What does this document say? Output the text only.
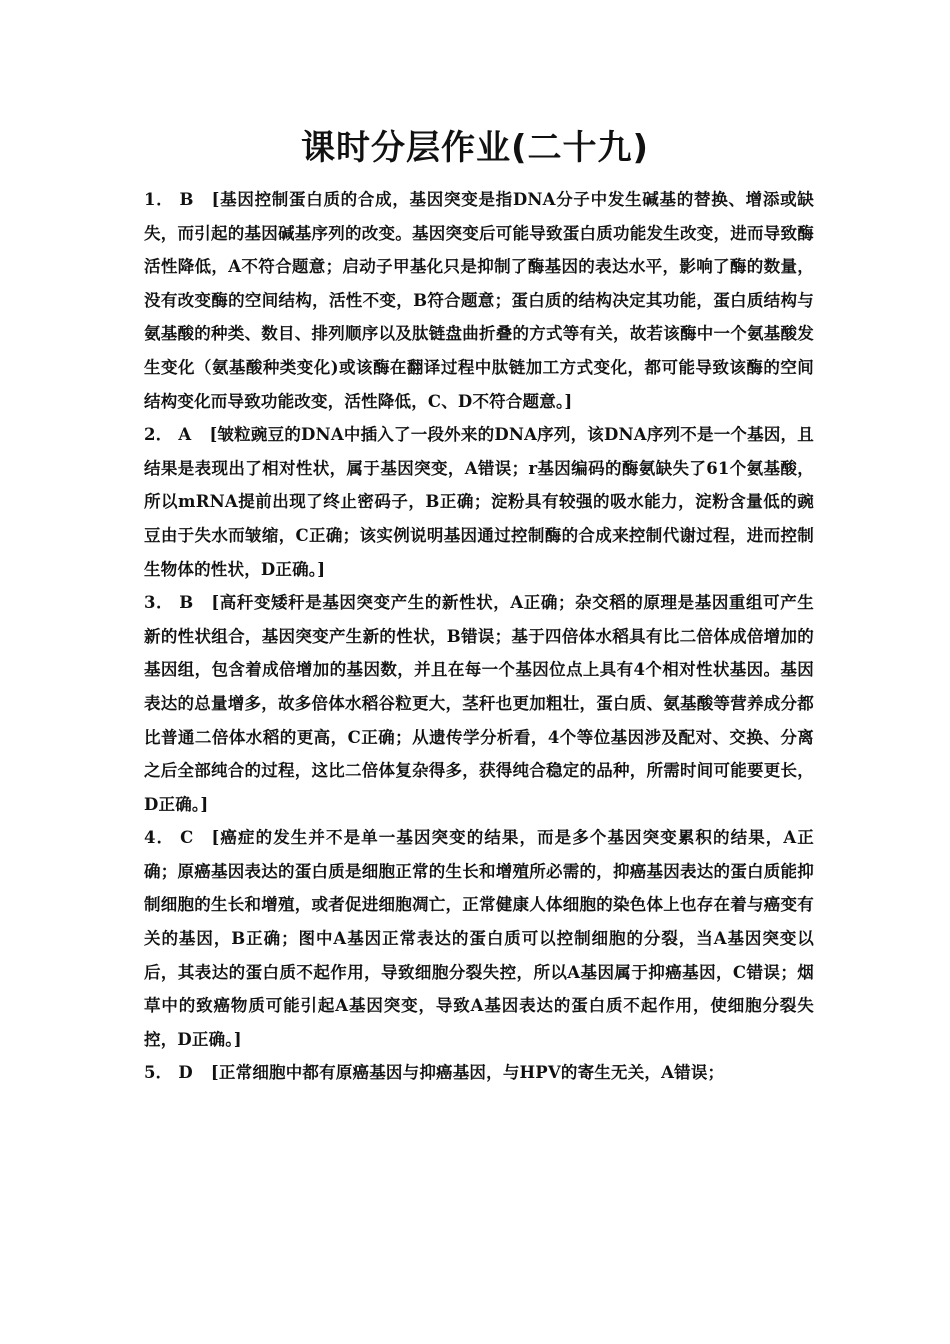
课时分层作业(二十九)

1． B [基因控制蛋白质的合成，基因突变是指DNA分子中发生碱基的替换、增添或缺失，而引起的基因碱基序列的改变。基因突变后可能导致蛋白质功能发生改变，进而导致酶活性降低，A不符合题意；启动子甲基化只是抑制了酶基因的表达水平，影响了酶的数量，没有改变酶的空间结构，活性不变，B符合题意；蛋白质的结构决定其功能，蛋白质结构与氨基酸的种类、数目、排列顺序以及肽链盘曲折叠的方式等有关，故若该酶中一个氨基酸发生变化（氨基酸种类变化)或该酶在翻译过程中肽链加工方式变化，都可能导致该酶的空间结构变化而导致功能改变，活性降低，C、D不符合题意。]

2． A [皱粒豌豆的DNA中插入了一段外来的DNA序列，该DNA序列不是一个基因，且结果是表现出了相对性状，属于基因突变，A错误；r基因编码的酶氨缺失了61个氨基酸，所以mRNA提前出现了终止密码子，B正确；淀粉具有较强的吸水能力，淀粉含量低的豌豆由于失水而皱缩，C正确；该实例说明基因通过控制酶的合成来控制代谢过程，进而控制生物体的性状，D正确。]

3． B [高秆变矮秆是基因突变产生的新性状，A正确；杂交稻的原理是基因重组可产生新的性状组合，基因突变产生新的性状，B错误；基于四倍体水稻具有比二倍体成倍增加的基因组，包含着成倍增加的基因数，并且在每一个基因位点上具有4个相对性状基因。基因表达的总量增多，故多倍体水稻谷粒更大，茎秆也更加粗壮，蛋白质、氨基酸等营养成分都比普通二倍体水稻的更高，C正确；从遗传学分析看，4个等位基因涉及配对、交换、分离之后全部纯合的过程，这比二倍体复杂得多，获得纯合稳定的品种，所需时间可能要更长，D正确。]

4． C [癌症的发生并不是单一基因突变的结果，而是多个基因突变累积的结果，A正确；原癌基因表达的蛋白质是细胞正常的生长和增殖所必需的，抑癌基因表达的蛋白质能抑制细胞的生长和增殖，或者促进细胞凋亡，正常健康人体细胞的染色体上也存在着与癌变有关的基因，B正确；图中A基因正常表达的蛋白质可以控制细胞的分裂，当A基因突变以后，其表达的蛋白质不起作用，导致细胞分裂失控，所以A基因属于抑癌基因，C错误；烟草中的致癌物质可能引起A基因突变，导致A基因表达的蛋白质不起作用，使细胞分裂失控，D正确。]

5． D [正常细胞中都有原癌基因与抑癌基因，与HPV的寄生无关，A错误；
